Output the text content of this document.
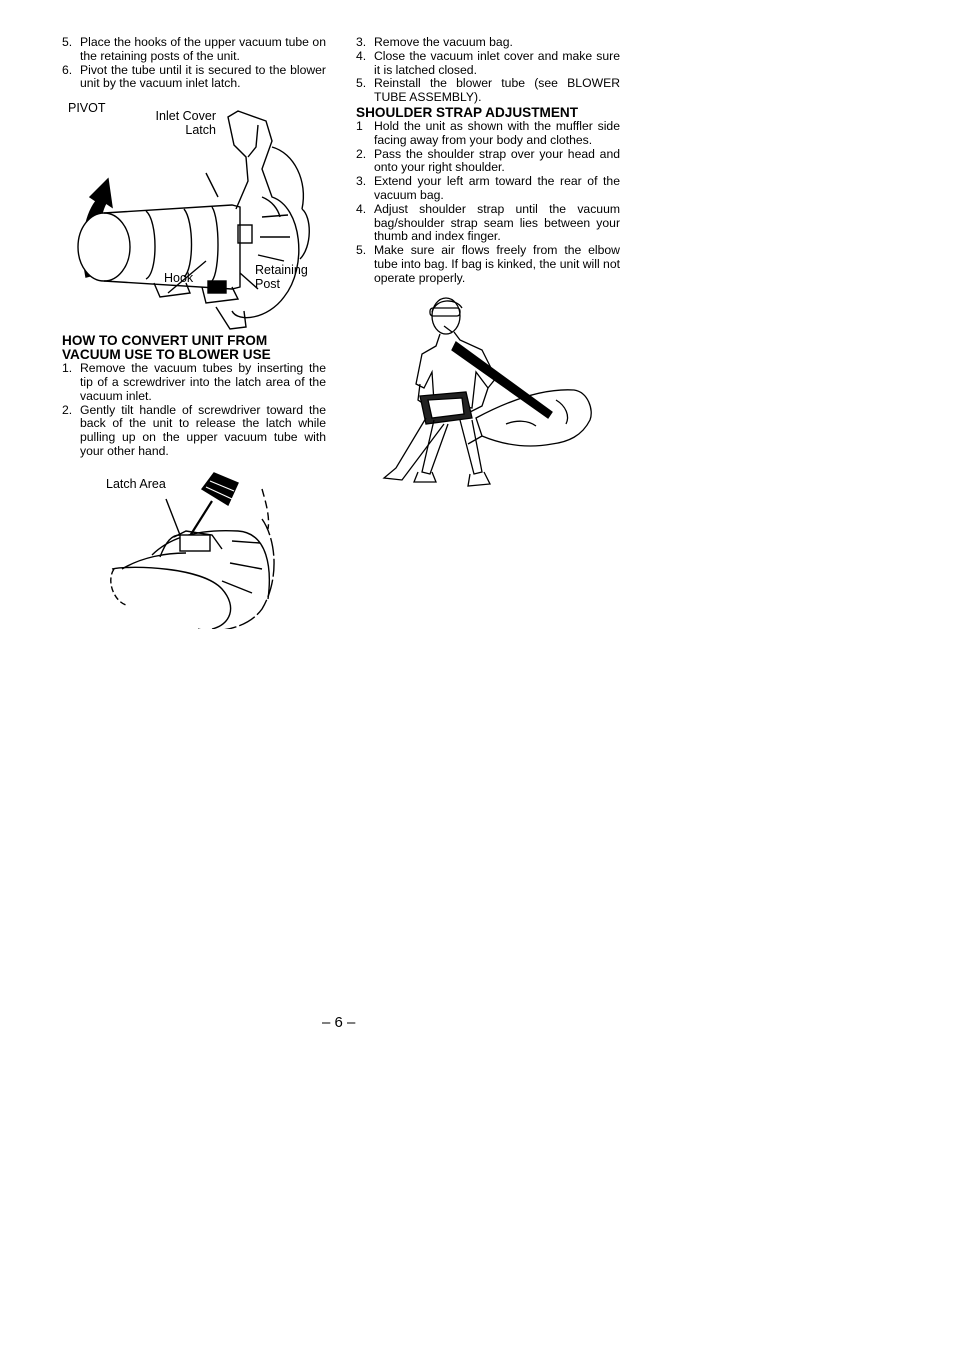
5. Place the hooks of the upper vacuum tube on the retaining posts of the unit.
6. Pivot the tube until it is secured to the blower unit by the vacuum inlet latch.
PIVOT
Inlet Cover Latch
Hook
Retaining Post
HOW TO CONVERT UNIT FROM VACUUM USE TO BLOWER USE
1. Remove the vacuum tubes by inserting the tip of a screwdriver into the latch area of the vacuum inlet.
2. Gently tilt handle of screwdriver toward the back of the unit to release the latch while pulling up on the upper vacuum tube with your other hand.
Latch Area
3. Remove the vacuum bag.
4. Close the vacuum inlet cover and make sure it is latched closed.
5. Reinstall the blower tube (see BLOWER TUBE ASSEMBLY).
SHOULDER STRAP ADJUSTMENT
1 Hold the unit as shown with the muffler side facing away from your body and clothes.
2. Pass the shoulder strap over your head and onto your right shoulder.
3. Extend your left arm toward the rear of the vacuum bag.
4. Adjust shoulder strap until the vacuum bag/shoulder strap seam lies between your thumb and index finger.
5. Make sure air flows freely from the elbow tube into bag. If bag is kinked, the unit will not operate properly.
– 6 –
